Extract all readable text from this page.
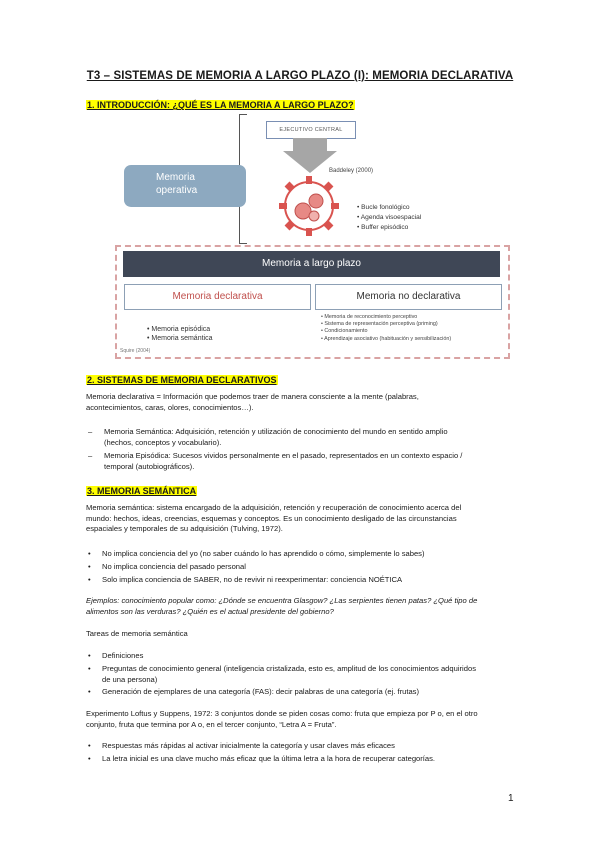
T3 – SISTEMAS DE MEMORIA A LARGO PLAZO (I): MEMORIA DECLARATIVA
1. INTRODUCCIÓN: ¿QUÉ ES LA MEMORIA A LARGO PLAZO?
EJECUTIVO CENTRAL
Memoria operativa
Baddeley (2000)
• Bucle fonológico
• Agenda visoespacial
• Buffer episódico
Memoria a largo plazo
Memoria declarativa	Memoria no declarativa
• Memoria episódica
• Memoria semántica
• Memoria de reconocimiento perceptivo
• Sistema de representación perceptiva (priming)
• Condicionamiento
• Aprendizaje asociativo (habituación y sensibilización)
Squire (2004)
2. SISTEMAS DE MEMORIA DECLARATIVOS
Memoria declarativa = Información que podemos traer de manera consciente a la mente (palabras,
acontecimientos, caras, olores, conocimientos…).
– Memoria Semántica: Adquisición, retención y utilización de conocimiento del mundo en sentido amplio
(hechos, conceptos y vocabulario).
– Memoria Episódica: Sucesos vividos personalmente en el pasado, representados en un contexto espacio /
temporal (autobiográficos).
3. MEMORIA SEMÁNTICA
Memoria semántica: sistema encargado de la adquisición, retención y recuperación de conocimiento acerca del
mundo: hechos, ideas, creencias, esquemas y conceptos. Es un conocimiento desligado de las circunstancias
espaciales y temporales de su adquisición (Tulving, 1972).
• No implica conciencia del yo (no saber cuándo lo has aprendido o cómo, simplemente lo sabes)
• No implica conciencia del pasado personal
• Solo implica conciencia de SABER, no de revivir ni reexperimentar: conciencia NOÉTICA
Ejemplos: conocimiento popular como: ¿Dónde se encuentra Glasgow? ¿Las serpientes tienen patas? ¿Qué tipo de
alimentos son las verduras? ¿Quién es el actual presidente del gobierno?
Tareas de memoria semántica
• Definiciones
• Preguntas de conocimiento general (inteligencia cristalizada, esto es, amplitud de los conocimientos adquiridos
de una persona)
• Generación de ejemplares de una categoría (FAS): decir palabras de una categoría (ej. frutas)
Experimento Loftus y Suppens, 1972: 3 conjuntos donde se piden cosas como: fruta que empieza por P o, en el otro
conjunto, fruta que termina por A o, en el tercer conjunto, “Letra A = Fruta”.
• Respuestas más rápidas al activar inicialmente la categoría y usar claves más eficaces
• La letra inicial es una clave mucho más eficaz que la última letra a la hora de recuperar categorías.
1
